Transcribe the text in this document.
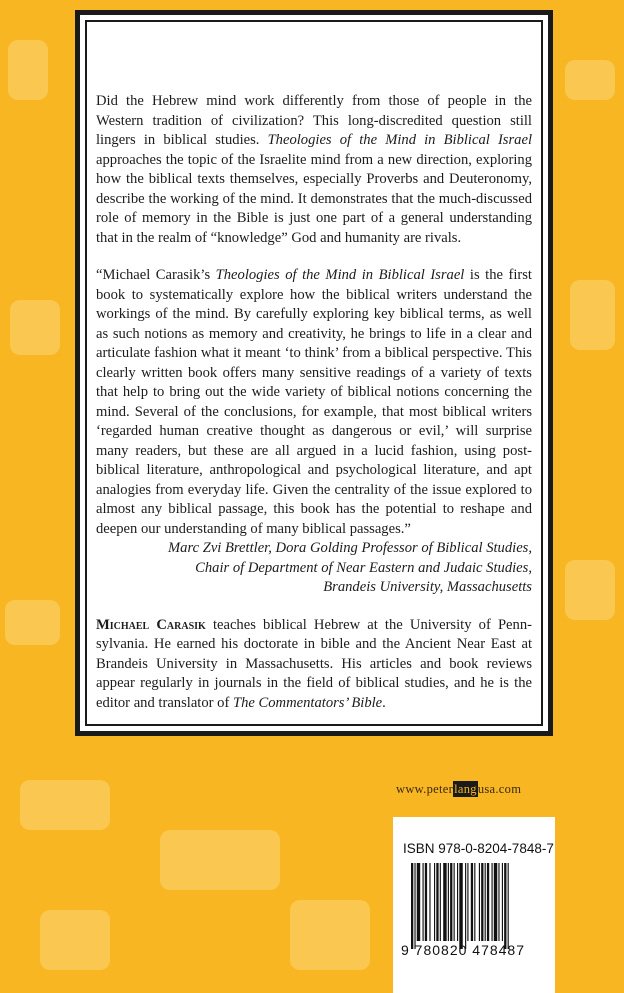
Did the Hebrew mind work differently from those of people in the Western tradition of civilization? This long-discredited question still lingers in biblical studies. Theologies of the Mind in Biblical Israel approaches the topic of the Israelite mind from a new direction, exploring how the biblical texts themselves, especially Proverbs and Deuteronomy, describe the working of the mind. It demonstrates that the much-discussed role of memory in the Bible is just one part of a general understanding that in the realm of “knowledge” God and humanity are rivals.

“Michael Carasik’s Theologies of the Mind in Biblical Israel is the first book to systematically explore how the biblical writers understand the workings of the mind. By carefully exploring key biblical terms, as well as such notions as memory and creativity, he brings to life in a clear and articulate fashion what it meant ‘to think’ from a biblical perspective. This clearly written book offers many sensitive readings of a variety of texts that help to bring out the wide variety of biblical notions concerning the mind. Several of the conclusions, for example, that most biblical writers ‘regarded human creative thought as dangerous or evil,’ will surprise many readers, but these are all argued in a lucid fashion, using post-biblical literature, anthropological and psychological literature, and apt analogies from everyday life. Given the centrality of the issue explored to almost any biblical passage, this book has the potential to reshape and deepen our understanding of many biblical passages.”

Marc Zvi Brettler, Dora Golding Professor of Biblical Studies,
Chair of Department of Near Eastern and Judaic Studies,
Brandeis University, Massachusetts

Michael Carasik teaches biblical Hebrew at the University of Pennsylvania. He earned his doctorate in bible and the Ancient Near East at Brandeis University in Massachusetts. His articles and book reviews appear regularly in journals in the field of biblical studies, and he is the editor and translator of The Commentators’ Bible.

www.peterlangusa.com
ISBN 978-0-8204-7848-7
9 780820 478487
